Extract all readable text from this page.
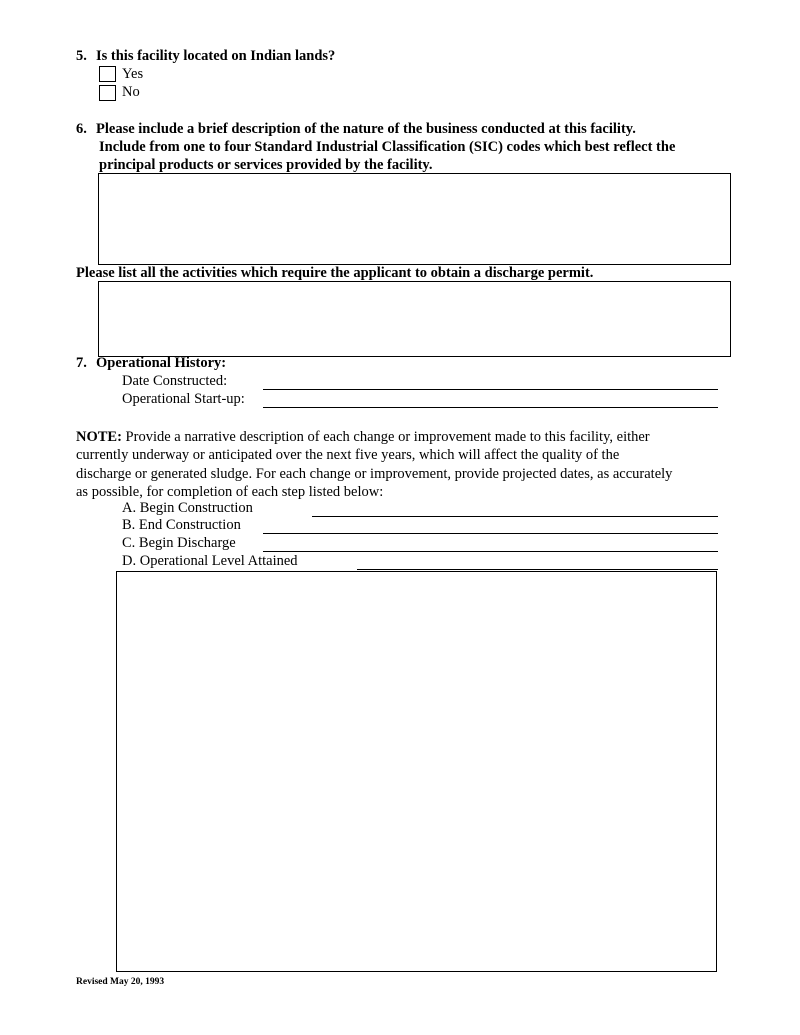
5. Is this facility located on Indian lands?
Yes
No
6. Please include a brief description of the nature of the business conducted at this facility.
Include from one to four Standard Industrial Classification (SIC) codes which best reflect the
principal products or services provided by the facility.
Please list all the activities which require the applicant to obtain a discharge permit.
7. Operational History:
Date Constructed:
Operational Start-up:
NOTE: Provide a narrative description of each change or improvement made to this facility, either
currently underway or anticipated over the next five years, which will affect the quality of the
discharge or generated sludge. For each change or improvement, provide projected dates, as accurately
as possible, for completion of each step listed below:
A. Begin Construction
B. End Construction
C. Begin Discharge
D. Operational Level Attained
Revised May 20, 1993
